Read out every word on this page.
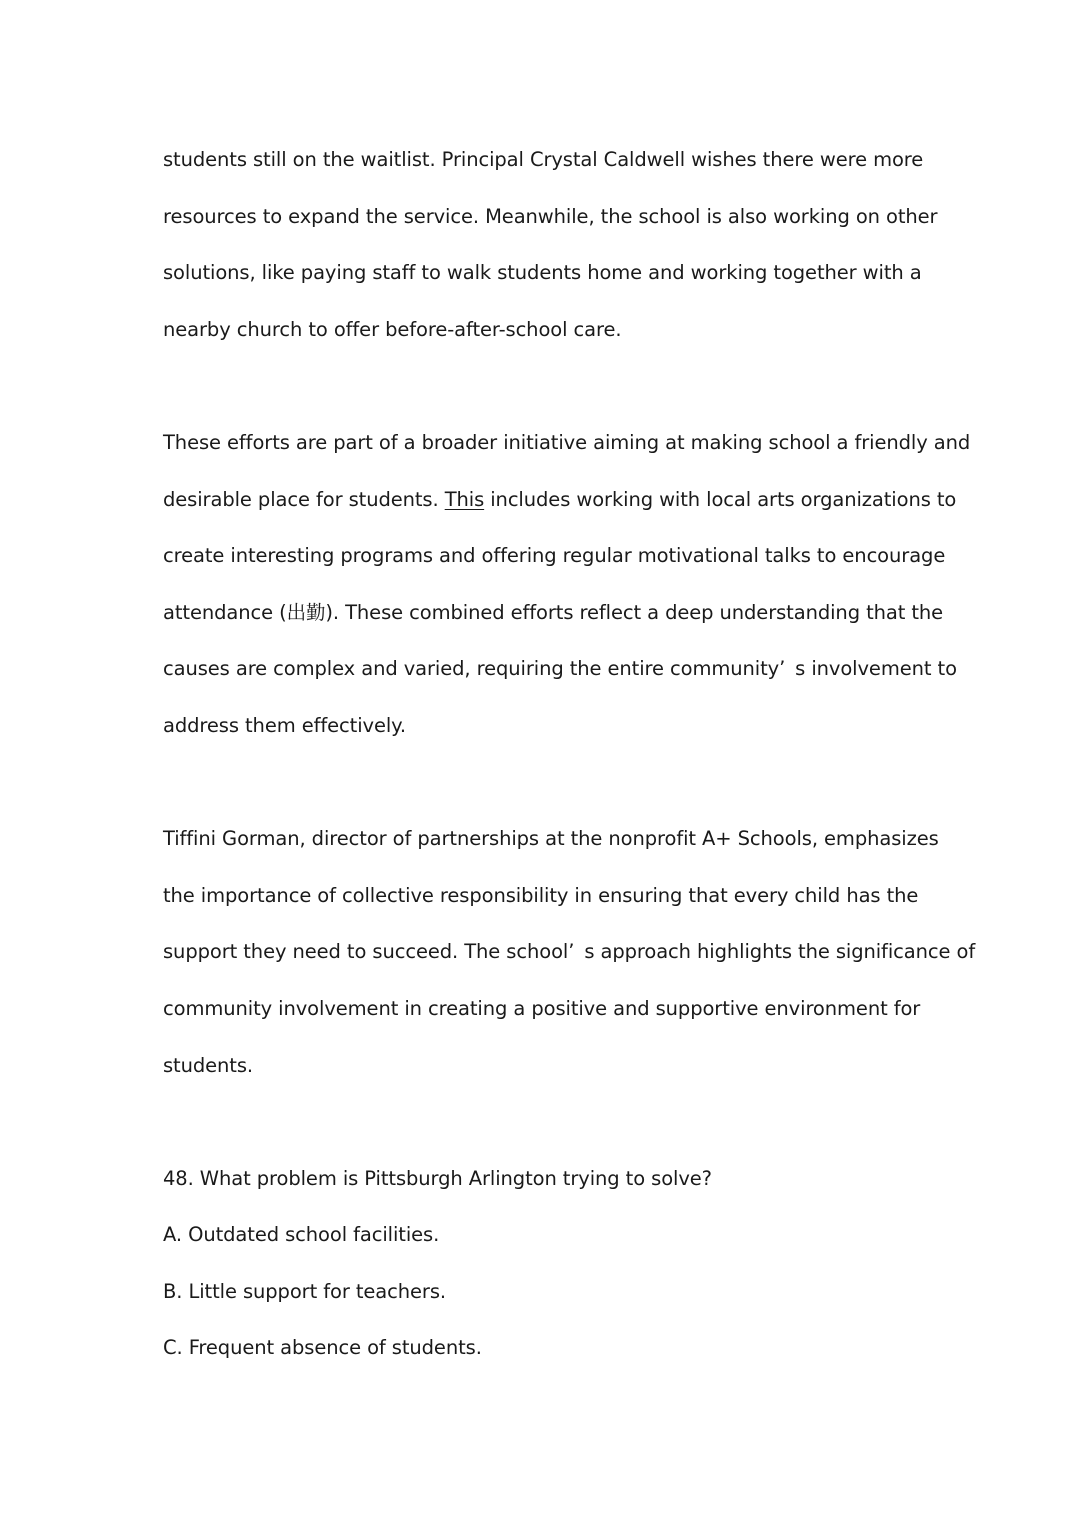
students still on the waitlist. Principal Crystal Caldwell wishes there were more
resources to expand the service. Meanwhile, the school is also working on other
solutions, like paying staff to walk students home and working together with a
nearby church to offer before-after-school care.
These efforts are part of a broader initiative aiming at making school a friendly and
desirable place for students. This includes working with local arts organizations to
create interesting programs and offering regular motivational talks to encourage
attendance (出勤). These combined efforts reflect a deep understanding that the
causes are complex and varied, requiring the entire community’ s involvement to
address them effectively.
Tiffini Gorman, director of partnerships at the nonprofit A+ Schools, emphasizes
the importance of collective responsibility in ensuring that every child has the
support they need to succeed. The school’ s approach highlights the significance of
community involvement in creating a positive and supportive environment for
students.
48. What problem is Pittsburgh Arlington trying to solve?
A. Outdated school facilities.
B. Little support for teachers.
C. Frequent absence of students.
